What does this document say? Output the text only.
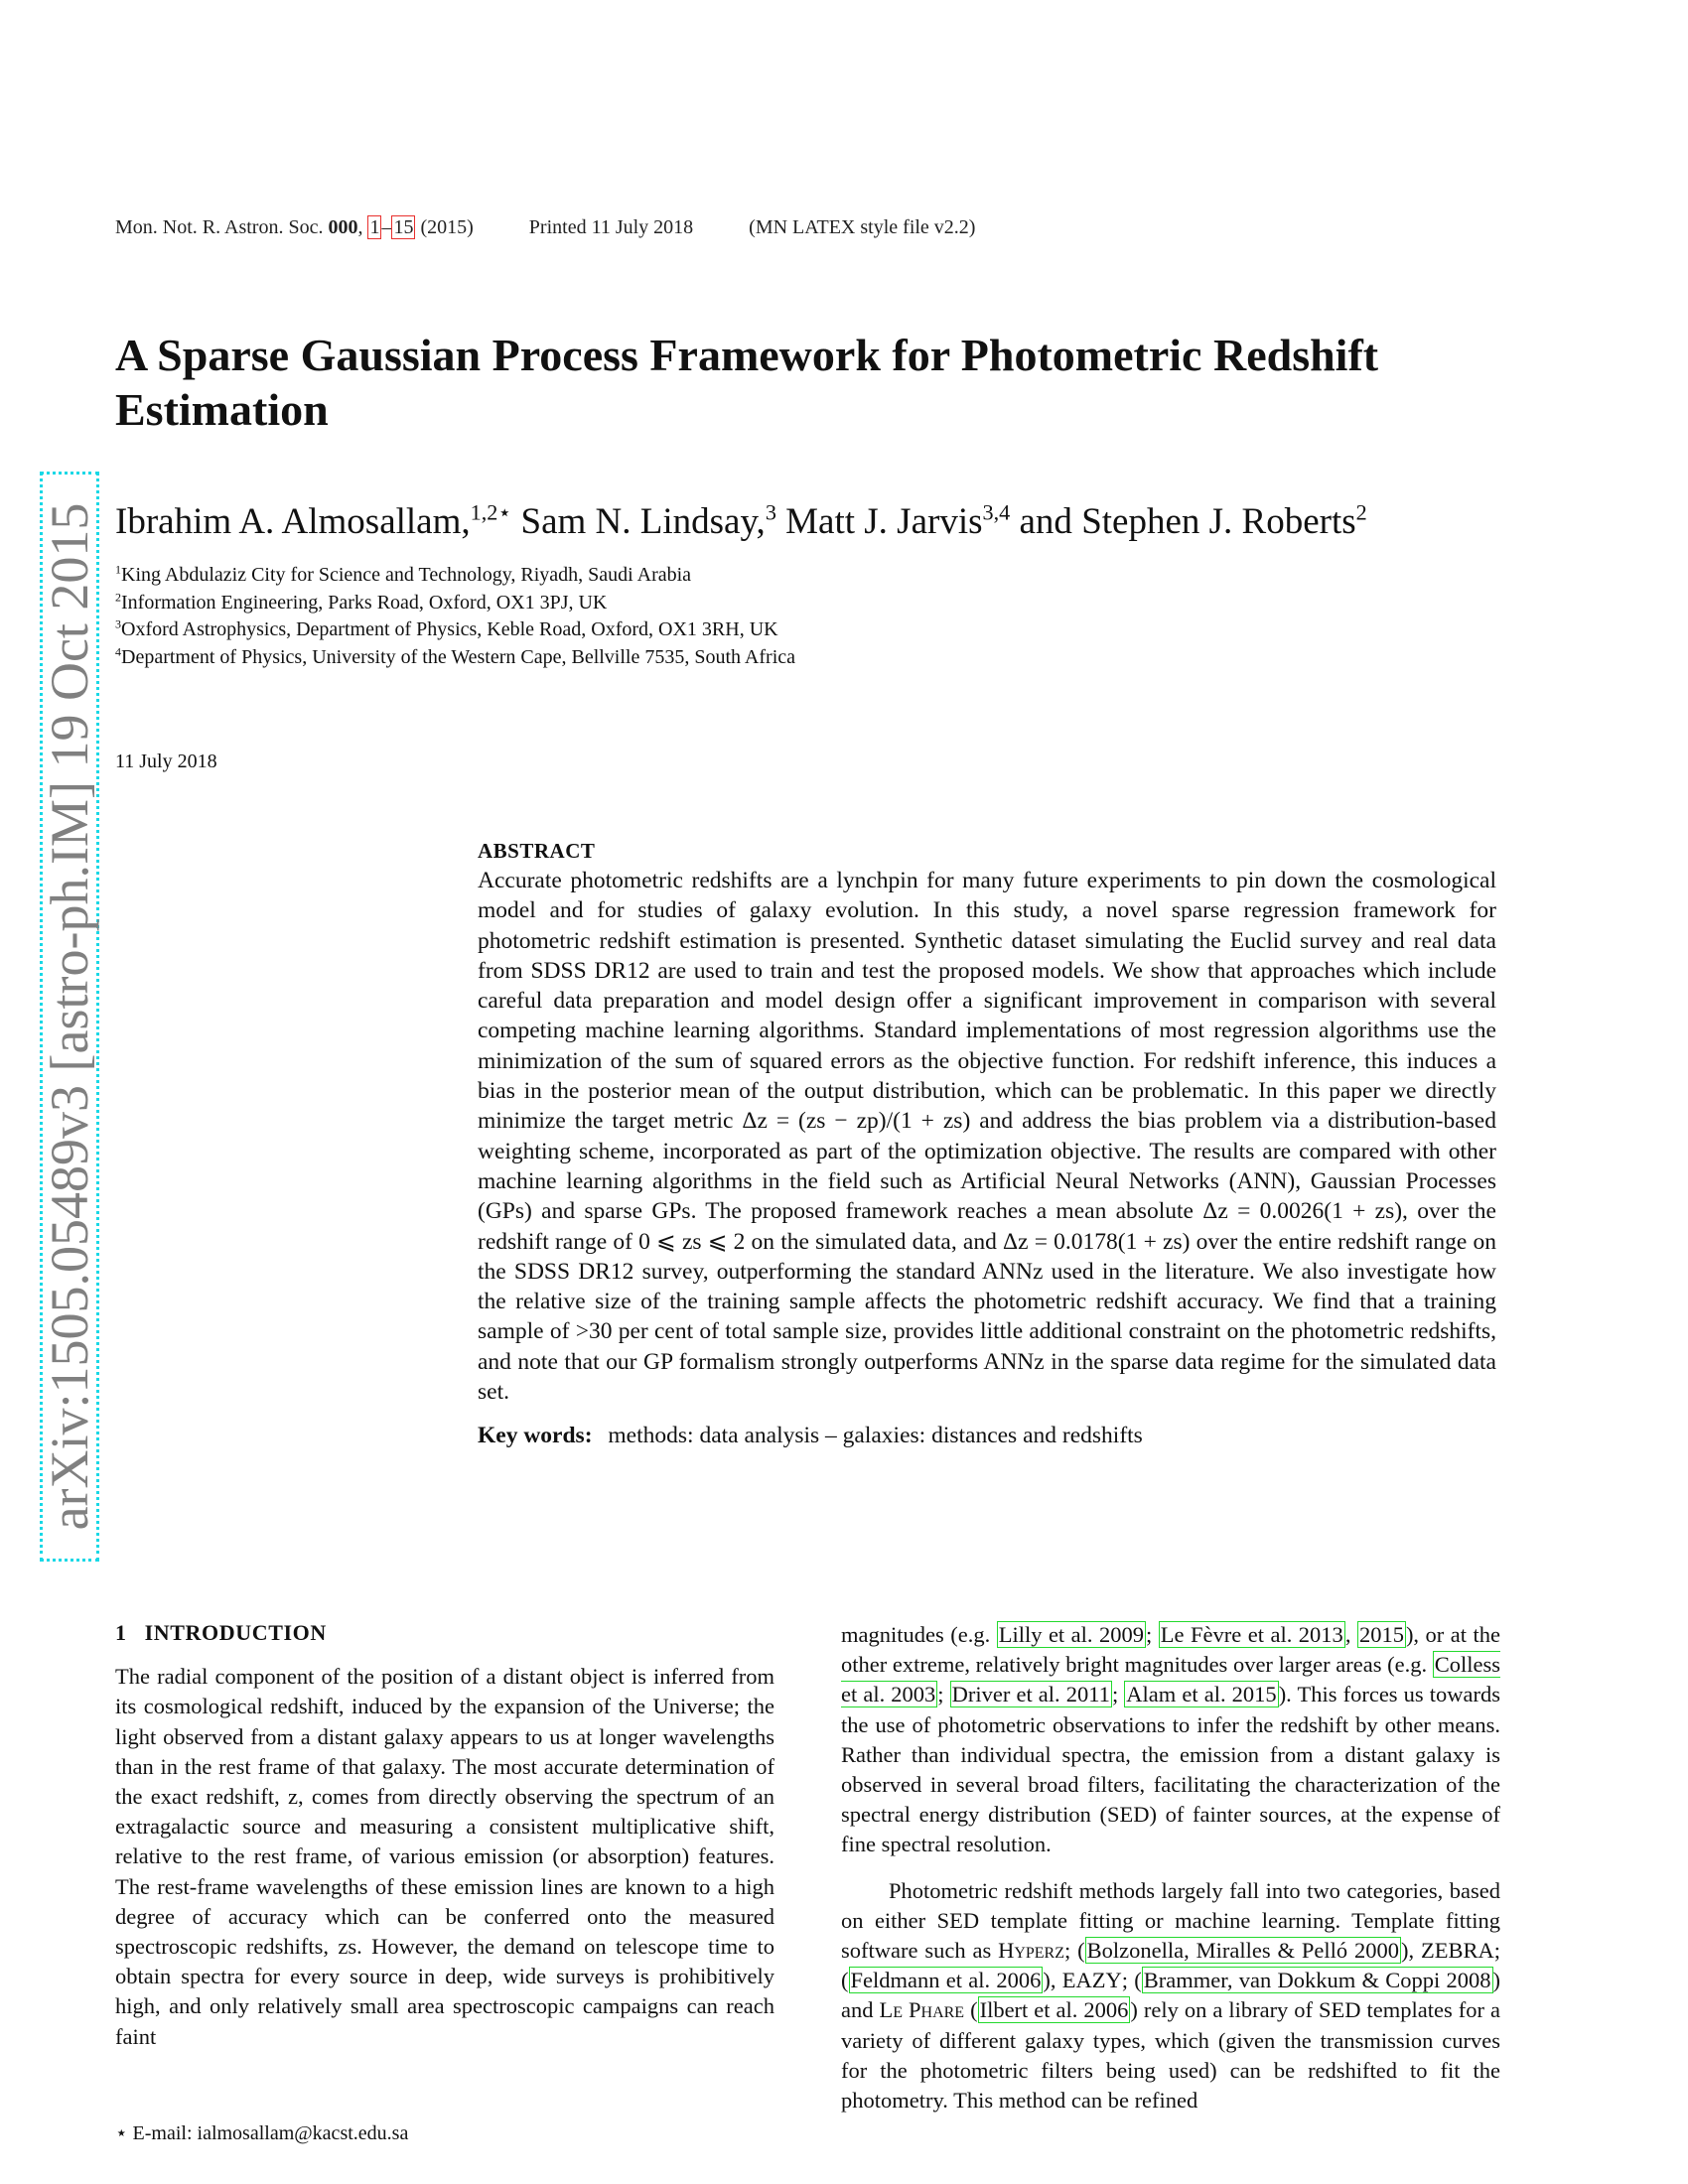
Mon. Not. R. Astron. Soc. 000, 1 – 15 (2015)	Printed 11 July 2018	(MN LATEX style file v2.2)
A Sparse Gaussian Process Framework for Photometric Redshift Estimation
Ibrahim A. Almosallam,$^{1,2⋆}$ Sam N. Lindsay,$^3$ Matt J. Jarvis$^{3,4}$ and Stephen J. Roberts$^2$
$^1$King Abdulaziz City for Science and Technology, Riyadh, Saudi Arabia
$^2$Information Engineering, Parks Road, Oxford, OX1 3PJ, UK
$^3$Oxford Astrophysics, Department of Physics, Keble Road, Oxford, OX1 3RH, UK
$^4$Department of Physics, University of the Western Cape, Bellville 7535, South Africa
11 July 2018
arXiv:1505.05489v3 [astro-ph.IM] 19 Oct 2015	ABSTRACT
Accurate photometric redshifts are a lynchpin for many future experiments to pin down the cosmological model and for studies of galaxy evolution. In this study, a novel sparse regression framework for photometric redshift estimation is presented. Synthetic dataset simulating the Euclid survey and real data from SDSS DR12 are used to train and test the proposed models. We show that approaches which include careful data preparation and model design offer a significant improvement in comparison with several competing machine learning algorithms. Standard implementations of most regression algorithms use the minimization of the sum of squared errors as the objective function. For redshift inference, this induces a bias in the posterior mean of the output distribution, which can be problematic. In this paper we directly minimize the target metric Δz = (zs − zp)/(1 + zs) and address the bias problem via a distribution-based weighting scheme, incorporated as part of the optimization objective. The results are compared with other machine learning algorithms in the field such as Artificial Neural Networks (ANN), Gaussian Processes (GPs) and sparse GPs. The proposed framework reaches a mean absolute Δz = 0.0026(1 + zs), over the redshift range of 0 ⩽ zs ⩽ 2 on the simulated data, and Δz = 0.0178(1 + zs) over the entire redshift range on the SDSS DR12 survey, outperforming the standard ANNz used in the literature. We also investigate how the relative size of the training sample affects the photometric redshift accuracy. We find that a training sample of >30 per cent of total sample size, provides little additional constraint on the photometric redshifts, and note that our GP formalism strongly outperforms ANNz in the sparse data regime for the simulated data set.
Key words: methods: data analysis – galaxies: distances and redshifts
1 INTRODUCTION
The radial component of the position of a distant object is inferred from its cosmological redshift, induced by the expansion of the Universe; the light observed from a distant galaxy appears to us at longer wavelengths than in the rest frame of that galaxy. The most accurate determination of the exact redshift, z, comes from directly observing the spectrum of an extragalactic source and measuring a consistent multiplicative shift, relative to the rest frame, of various emission (or absorption) features. The rest-frame wavelengths of these emission lines are known to a high degree of accuracy which can be conferred onto the measured spectroscopic redshifts, zs. However, the demand on telescope time to obtain spectra for every source in deep, wide surveys is prohibitively high, and only relatively small area spectroscopic campaigns can reach faint
magnitudes (e.g. Lilly et al. 2009; Le Fèvre et al. 2013, 2015), or at the other extreme, relatively bright magnitudes over larger areas (e.g. Colless et al. 2003; Driver et al. 2011; Alam et al. 2015). This forces us towards the use of photometric observations to infer the redshift by other means. Rather than individual spectra, the emission from a distant galaxy is observed in several broad filters, facilitating the characterization of the spectral energy distribution (SED) of fainter sources, at the expense of fine spectral resolution.
Photometric redshift methods largely fall into two categories, based on either SED template fitting or machine learning. Template fitting software such as Hyperz; (Bolzonella, Miralles & Pelló 2000), ZEBRA; (Feldmann et al. 2006), EAZY; (Brammer, van Dokkum & Coppi 2008) and Le Phare (Ilbert et al. 2006) rely on a library of SED templates for a variety of different galaxy types, which (given the transmission curves for the photometric filters being used) can be redshifted to fit the photometry. This method can be refined
⋆ E-mail: ialmosallam@kacst.edu.sa
